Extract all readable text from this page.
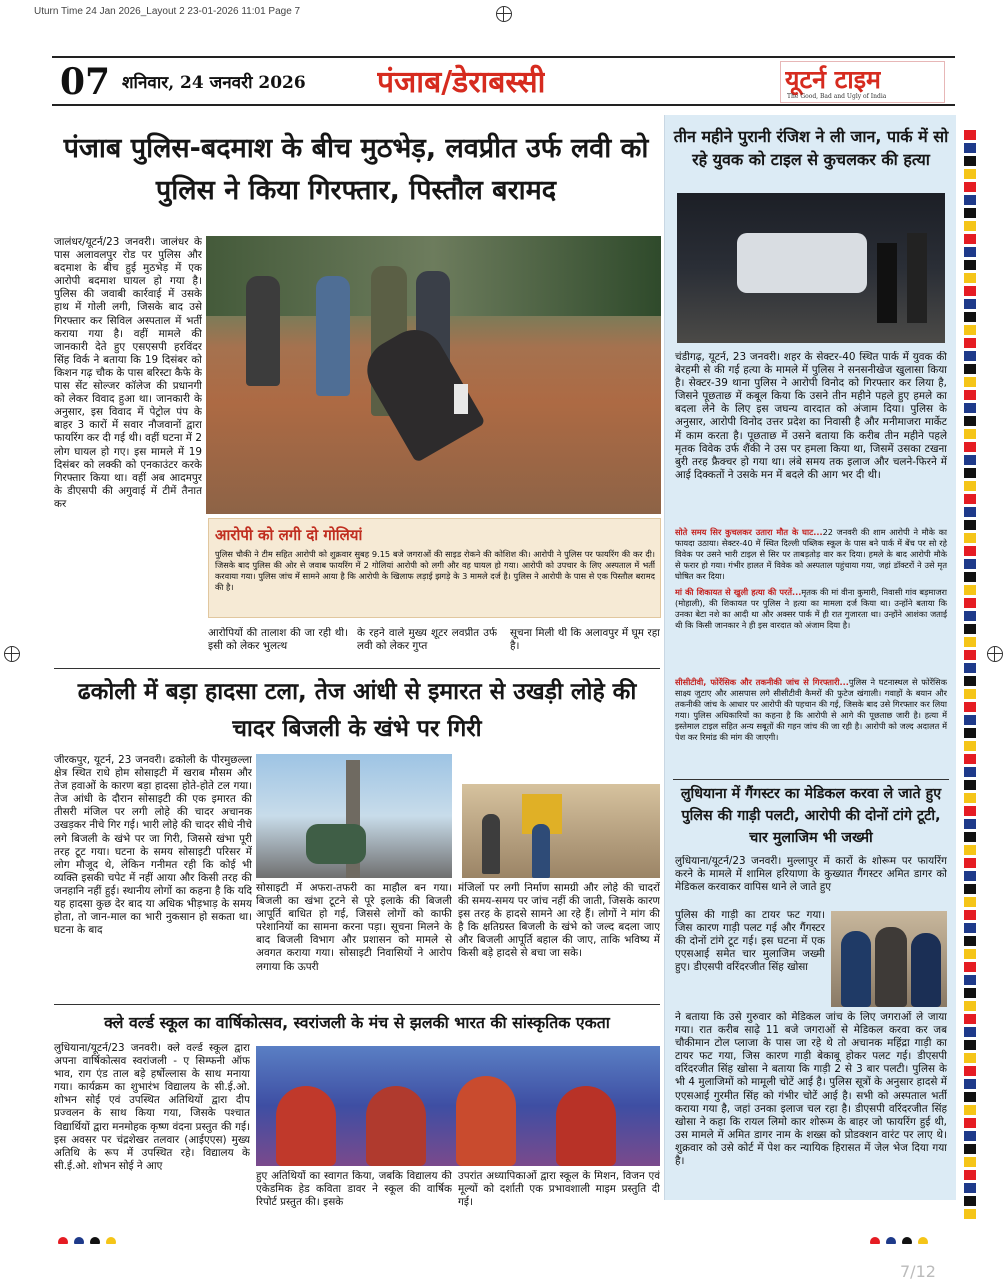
Uturn Time 24 Jan 2026_Layout 2 23-01-2026 11:01 Page 7
07 शनिवार, 24 जनवरी 2026 पंजाब/डेराबस्सी	यूटर्न टाइम
The Good, Bad and Ugly of India
पंजाब पुलिस-बदमाश के बीच मुठभेड़, लवप्रीत उर्फ लवी को पुलिस ने किया गिरफ्तार, पिस्तौल बरामद
जालंधर/यूटर्न/23 जनवरी। जालंधर के पास अलावलपुर रोड पर पुलिस और बदमाश के बीच हुई मुठभेड़ में एक आरोपी बदमाश घायल हो गया है। पुलिस की जवाबी कार्रवाई में उसके हाथ में गोली लगी, जिसके बाद उसे गिरफ्तार कर सिविल अस्पताल में भर्ती कराया गया है। वहीं मामले की जानकारी देते हुए एसएसपी हरविंदर सिंह विर्क ने बताया कि 19 दिसंबर को किशन गढ़ चौक के पास बरिस्टा कैफे के पास सेंट सोल्जर कॉलेज की प्रधानगी को लेकर विवाद हुआ था। जानकारी के अनुसार, इस विवाद में पेट्रोल पंप के बाहर 3 कारों में सवार नौजवानों द्वारा फायरिंग कर दी गई थी। वहीं घटना में 2 लोग घायल हो गए। इस मामले में 19 दिसंबर को लक्की को एनकाउंटर करके गिरफ्तार किया था। वहीं अब आदमपुर के डीएसपी की अगुवाई में टीमें तैनात कर
आरोपी को लगी दो गोलियां
पुलिस चौकी ने टीम सहित आरोपी को शुक्रवार सुबह 9.15 बजे जगराओं की साइड रोकने की कोशिश की। आरोपी ने पुलिस पर फायरिंग की कर दी। जिसके बाद पुलिस की ओर से जवाब फायरिंग में 2 गोलियां आरोपी को लगी और वह घायल हो गया। आरोपी को उपचार के लिए अस्पताल में भर्ती करवाया गया। पुलिस जांच में सामने आया है कि आरोपी के खिलाफ लड़ाई झगड़े के 3 मामले दर्ज है। पुलिस ने आरोपी के पास से एक पिस्तौल बरामद की है।
आरोपियों की तालाश की जा रही थी। इसी को लेकर भुलत्थ
के रहने वाले मुख्य शूटर लवप्रीत उर्फ लवी को लेकर गुप्त
सूचना मिली थी कि अलावपुर में घूम रहा है।
ढकोली में बड़ा हादसा टला, तेज आंधी से इमारत से उखड़ी लोहे की चादर बिजली के खंभे पर गिरी
जीरकपुर, यूटर्न, 23 जनवरी। ढकोली के पीरमुछल्ला क्षेत्र स्थित राधे होम सोसाइटी में खराब मौसम और तेज हवाओं के कारण बड़ा हादसा होते-होते टल गया। तेज आंधी के दौरान सोसाइटी की एक इमारत की तीसरी मंजिल पर लगी लोहे की चादर अचानक उखड़कर नीचे गिर गई। भारी लोहे की चादर सीधे नीचे लगे बिजली के खंभे पर जा गिरी, जिससे खंभा पूरी तरह टूट गया। घटना के समय सोसाइटी परिसर में लोग मौजूद थे, लेकिन गनीमत रही कि कोई भी व्यक्ति इसकी चपेट में नहीं आया और किसी तरह की जनहानि नहीं हुई। स्थानीय लोगों का कहना है कि यदि यह हादसा कुछ देर बाद या अधिक भीड़भाड़ के समय होता, तो जान-माल का भारी नुकसान हो सकता था। घटना के बाद
सोसाइटी में अफरा-तफरी का माहौल बन गया। बिजली का खंभा टूटने से पूरे इलाके की बिजली आपूर्ति बाधित हो गई, जिससे लोगों को काफी परेशानियों का सामना करना पड़ा। सूचना मिलने के बाद बिजली विभाग और प्रशासन को मामले से अवगत कराया गया। सोसाइटी निवासियों ने आरोप लगाया कि ऊपरी
मंजिलों पर लगी निर्माण सामग्री और लोहे की चादरों की समय-समय पर जांच नहीं की जाती, जिसके कारण इस तरह के हादसे सामने आ रहे हैं। लोगों ने मांग की है कि क्षतिग्रस्त बिजली के खंभे को जल्द बदला जाए और बिजली आपूर्ति बहाल की जाए, ताकि भविष्य में किसी बड़े हादसे से बचा जा सके।
क्ले वर्ल्ड स्कूल का वार्षिकोत्सव, स्वरांजली के मंच से झलकी भारत की सांस्कृतिक एकता
लुधियाना/यूटर्न/23 जनवरी। क्ले वर्ल्ड स्कूल द्वारा अपना वार्षिकोत्सव स्वरांजली - ए सिम्फनी ऑफ भाव, राग एंड ताल बड़े हर्षोल्लास के साथ मनाया गया। कार्यक्रम का शुभारंभ विद्यालय के सी.ई.ओ. शोभन सोई एवं उपस्थित अतिथियों द्वारा दीप प्रज्वलन के साथ किया गया, जिसके पश्चात विद्यार्थियों द्वारा मनमोहक कृष्ण वंदना प्रस्तुत की गई। इस अवसर पर चंद्रशेखर तलवार (आईएएस) मुख्य अतिथि के रूप में उपस्थित रहे। विद्यालय के सी.ई.ओ. शोभन सोई ने आए
हुए अतिथियों का स्वागत किया, जबकि विद्यालय की एकेडमिक हेड कविता डावर ने स्कूल की वार्षिक रिपोर्ट प्रस्तुत की। इसके
उपरांत अध्यापिकाओं द्वारा स्कूल के मिशन, विजन एवं मूल्यों को दर्शाती एक प्रभावशाली माइम प्रस्तुति दी गई।
तीन महीने पुरानी रंजिश ने ली जान, पार्क में सो रहे युवक को टाइल से कुचलकर की हत्या
चंडीगढ़, यूटर्न, 23 जनवरी। शहर के सेक्टर-40 स्थित पार्क में युवक की बेरहमी से की गई हत्या के मामले में पुलिस ने सनसनीखेज खुलासा किया है। सेक्टर-39 थाना पुलिस ने आरोपी विनोद को गिरफ्तार कर लिया है, जिसने पूछताछ में कबूल किया कि उसने तीन महीने पहले हुए हमले का बदला लेने के लिए इस जघन्य वारदात को अंजाम दिया। पुलिस के अनुसार, आरोपी विनोद उत्तर प्रदेश का निवासी है और मनीमाजरा मार्केट में काम करता है। पूछताछ में उसने बताया कि करीब तीन महीने पहले मृतक विवेक उर्फ शैंकी ने उस पर हमला किया था, जिसमें उसका टखना बुरी तरह फ्रैक्चर हो गया था। लंबे समय तक इलाज और चलने-फिरने में आई दिक्कतों ने उसके मन में बदले की आग भर दी थी।
सोते समय सिर कुचलकर उतारा मौत के घाट...22 जनवरी की शाम आरोपी ने मौके का फायदा उठाया। सेक्टर-40 में स्थित दिल्ली पब्लिक स्कूल के पास बने पार्क में बेंच पर सो रहे विवेक पर उसने भारी टाइल से सिर पर ताबड़तोड़ वार कर दिया। हमले के बाद आरोपी मौके से फरार हो गया। गंभीर हालत में विवेक को अस्पताल पहुंचाया गया, जहां डॉक्टरों ने उसे मृत घोषित कर दिया।
मां की शिकायत से खुली हत्या की परतें...मृतक की मां वीना कुमारी, निवासी गांव बड़माजरा (मोहाली), की शिकायत पर पुलिस ने हत्या का मामला दर्ज किया था। उन्होंने बताया कि उनका बेटा नशे का आदी था और अक्सर पार्क में ही रात गुजारता था। उन्होंने आशंका जताई थी कि किसी जानकार ने ही इस वारदात को अंजाम दिया है।
सीसीटीवी, फोरेंसिक और तकनीकी जांच से गिरफ्तारी...पुलिस ने घटनास्थल से फोरेंसिक साक्ष्य जुटाए और आसपास लगे सीसीटीवी कैमरों की फुटेज खंगाली। गवाहों के बयान और तकनीकी जांच के आधार पर आरोपी की पहचान की गई, जिसके बाद उसे गिरफ्तार कर लिया गया। पुलिस अधिकारियों का कहना है कि आरोपी से आगे की पूछताछ जारी है। हत्या में इस्तेमाल टाइल सहित अन्य सबूतों की गहन जांच की जा रही है। आरोपी को जल्द अदालत में पेश कर रिमांड की मांग की जाएगी।
लुधियाना में गैंगस्टर का मेडिकल करवा ले जाते हुए पुलिस की गाड़ी पलटी, आरोपी की दोनों टांगे टूटी, चार मुलाजिम भी जख्मी
लुधियाना/यूटर्न/23 जनवरी। मुल्लापुर में कारों के शोरूम पर फायरिंग करने के मामले में शामिल हरियाणा के कुख्यात गैंगस्टर अमित डागर को मेडिकल करवाकर वापिस थाने ले जाते हुए
पुलिस की गाड़ी का टायर फट गया। जिस कारण गाड़ी पलट गई और गैंगस्टर की दोनों टांगे टूट गई। इस घटना में एक एएसआई समेत चार मुलाजिम जख्मी हुए। डीएसपी वरिंदरजीत सिंह खोसा
ने बताया कि उसे गुरुवार को मेडिकल जांच के लिए जगराओं ले जाया गया। रात करीब साढ़े 11 बजे जगराओं से मेडिकल करवा कर जब चौकीमान टोल प्लाजा के पास जा रहे थे तो अचानक महिंद्रा गाड़ी का टायर फट गया, जिस कारण गाड़ी बेकाबू होकर पलट गई। डीएसपी वरिंदरजीत सिंह खोसा ने बताया कि गाड़ी 2 से 3 बार पलटी। पुलिस के भी 4 मुलाजिमों को मामूली चोटें आई है। पुलिस सूत्रों के अनुसार हादसे में एएसआई गुरमीत सिंह को गंभीर चोटें आई है। सभी को अस्पताल भर्ती कराया गया है, जहां उनका इलाज चल रहा है। डीएसपी वरिंदरजीत सिंह खोसा ने कहा कि रायल लिमो कार शोरूम के बाहर जो फायरिंग हुई थी, उस मामले में अमित डागर नाम के शख्स को प्रोडक्शन वारंट पर लाए थे। शुक्रवार को उसे कोर्ट में पेश कर न्यायिक हिरासत में जेल भेज दिया गया है।
7/12
